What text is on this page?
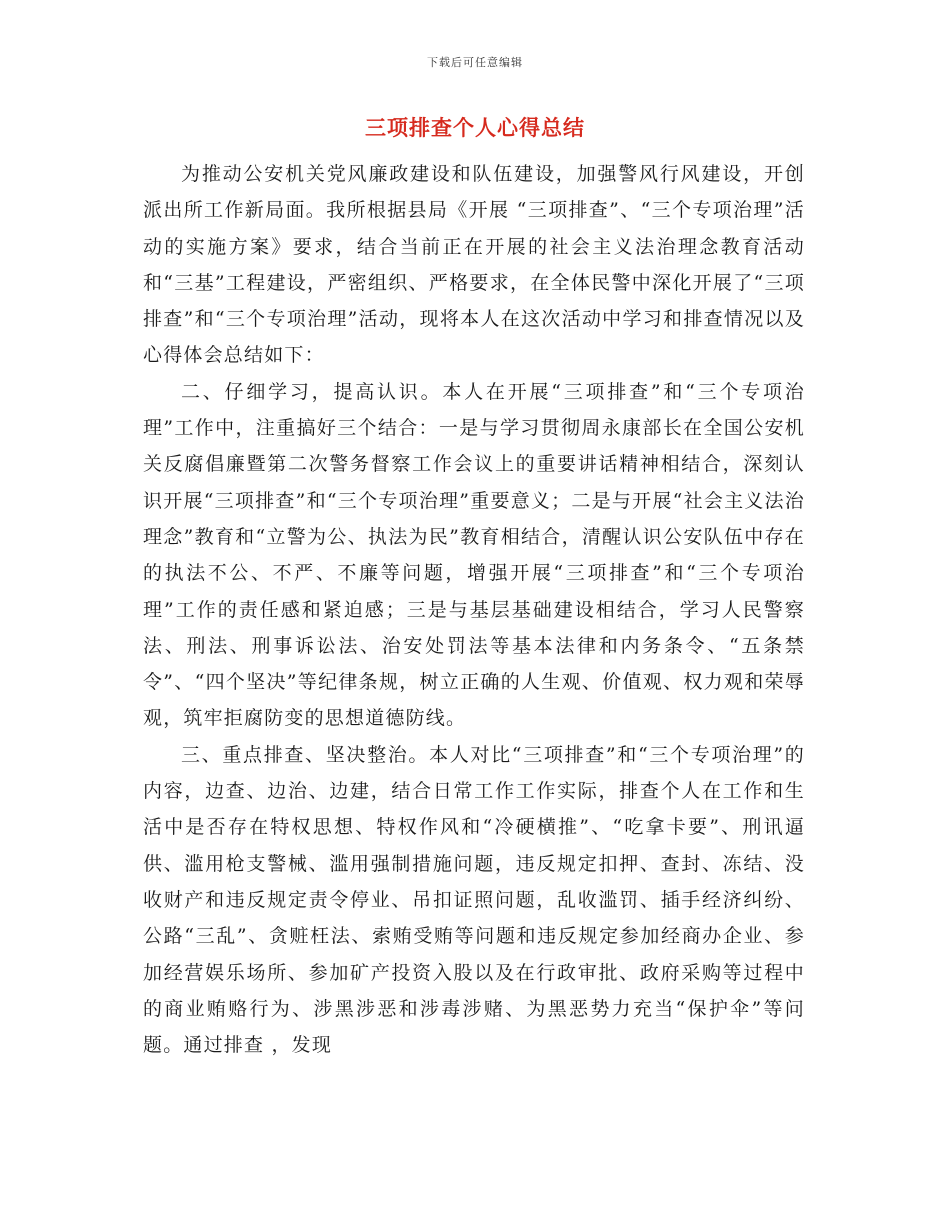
下载后可任意编辑
三项排查个人心得总结

为推动公安机关党风廉政建设和队伍建设，加强警风行风建设，开创派出所工作新局面。我所根据县局《开展 “三项排查”、“三个专项治理”活动的实施方案》要求，结合当前正在开展的社会主义法治理念教育活动和“三基”工程建设，严密组织、严格要求，在全体民警中深化开展了“三项排查”和“三个专项治理”活动，现将本人在这次活动中学习和排查情况以及心得体会总结如下：

二、仔细学习，提高认识。本人在开展“三项排查”和“三个专项治理”工作中，注重搞好三个结合：一是与学习贯彻周永康部长在全国公安机关反腐倡廉暨第二次警务督察工作会议上的重要讲话精神相结合，深刻认识开展“三项排查”和“三个专项治理”重要意义；二是与开展“社会主义法治理念”教育和“立警为公、执法为民”教育相结合，清醒认识公安队伍中存在的执法不公、不严、不廉等问题，增强开展“三项排查”和“三个专项治理”工作的责任感和紧迫感；三是与基层基础建设相结合，学习人民警察法、刑法、刑事诉讼法、治安处罚法等基本法律和内务条令、“五条禁令”、“四个坚决”等纪律条规，树立正确的人生观、价值观、权力观和荣辱观，筑牢拒腐防变的思想道德防线。

三、重点排查、坚决整治。本人对比“三项排查”和“三个专项治理”的内容，边查、边治、边建，结合日常工作工作实际，排查个人在工作和生活中是否存在特权思想、特权作风和“冷硬横推”、“吃拿卡要”、刑讯逼供、滥用枪支警械、滥用强制措施问题，违反规定扣押、查封、冻结、没收财产和违反规定责令停业、吊扣证照问题，乱收滥罚、插手经济纠纷、公路“三乱”、贪赃枉法、索贿受贿等问题和违反规定参加经商办企业、参加经营娱乐场所、参加矿产投资入股以及在行政审批、政府采购等过程中的商业贿赂行为、涉黑涉恶和涉毒涉赌、为黑恶势力充当“保护伞”等问题。通过排查 ，发现
